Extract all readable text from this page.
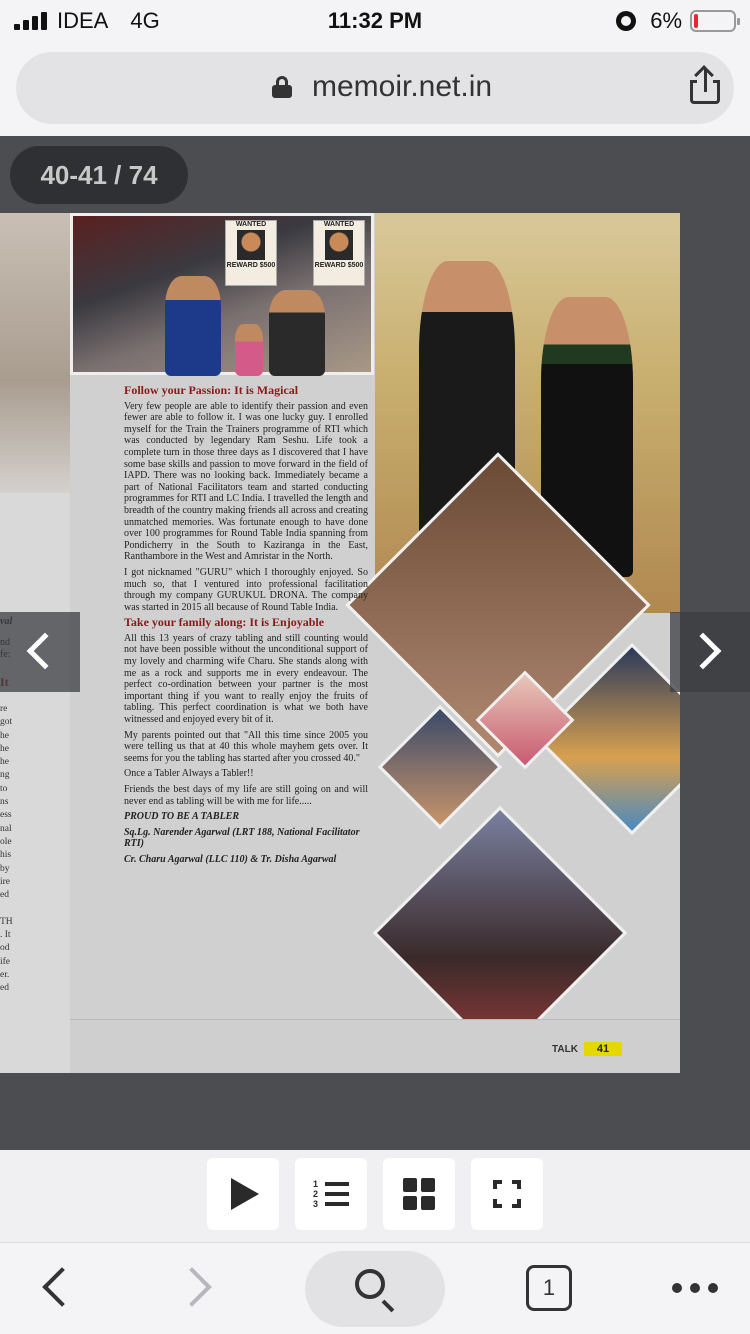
IDEA 4G	11:32 PM	6%
memoir.net.in
40-41 / 74
re
got
he
he
he
ng
to
ns
ess
nal
ole
his
by
ire
ed

TH
. It
od
ife
er.
ed
WANTED
REWARD $500
WANTED
REWARD $500
Follow your Passion: It is Magical

Very few people are able to identify their passion and even fewer are able to follow it. I was one lucky guy. I enrolled myself for the Train the Trainers programme of RTI which was conducted by legendary Ram Seshu. Life took a complete turn in those three days as I discovered that I have some base skills and passion to move forward in the field of IAPD. There was no looking back. Immediately became a part of National Facilitators team and started conducting programmes for RTI and LC India. I travelled the length and breadth of the country making friends all across and creating unmatched memories. Was fortunate enough to have done over 100 programmes for Round Table India spanning from Pondicherry in the South to Kaziranga in the East, Ranthambore in the West and Amristar in the North.

I got nicknamed "GURU" which I thoroughly enjoyed. So much so, that I ventured into professional facilitation through my company GURUKUL DRONA. The company was started in 2015 all because of Round Table India.

Take your family along: It is Enjoyable

All this 13 years of crazy tabling and still counting would not have been possible without the unconditional support of my lovely and charming wife Charu. She stands along with me as a rock and supports me in every endeavour. The perfect co-ordination between your partner is the most important thing if you want to really enjoy the fruits of tabling. This perfect coordination is what we both have witnessed and enjoyed every bit of it.

My parents pointed out that "All this time since 2005 you were telling us that at 40 this whole mayhem gets over. It seems for you the tabling has started after you crossed 40."

Once a Tabler Always a Tabler!!

Friends the best days of my life are still going on and will never end as tabling will be with me for life.....

PROUD TO BE A TABLER

Sq.Lg. Narender Agarwal (LRT 188, National Facilitator RTI)

Cr. Charu Agarwal (LLC 110) & Tr. Disha Agarwal

TALK	41
1
2
3
1
